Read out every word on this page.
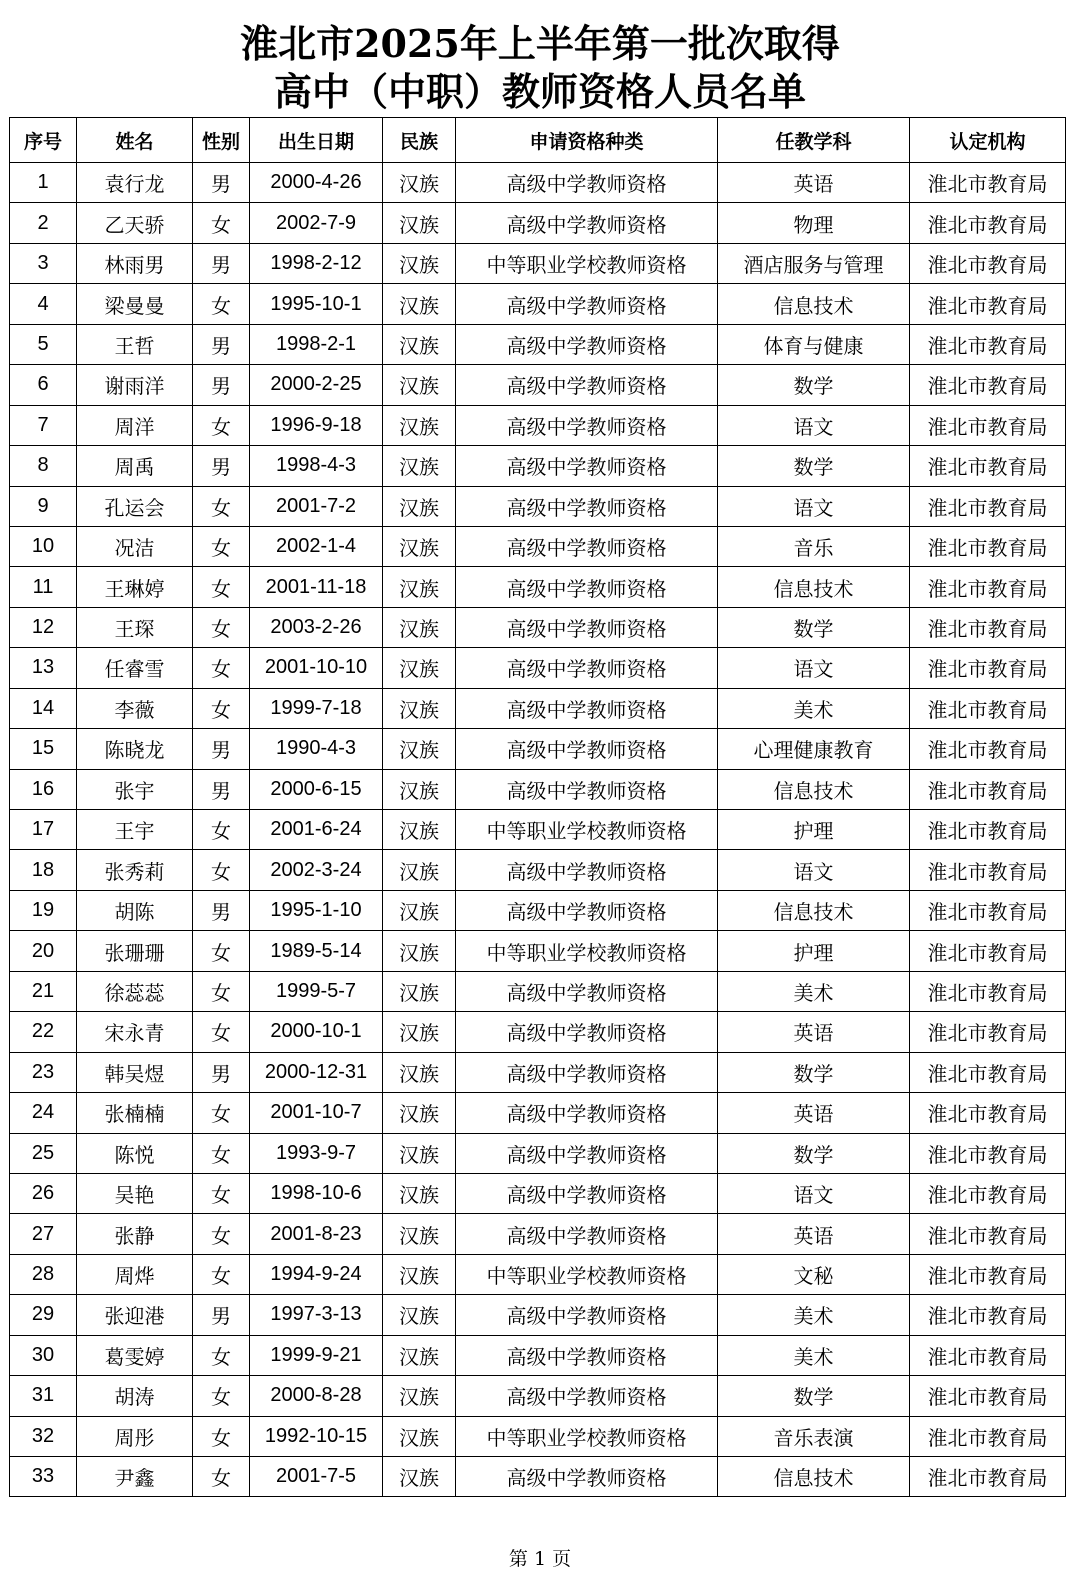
淮北市2025年上半年第一批次取得
高中（中职）教师资格人员名单
序号	姓名	性别	出生日期	民族	申请资格种类	任教学科	认定机构
1	袁行龙	男	2000-4-26	汉族	高级中学教师资格	英语	淮北市教育局
2	乙天骄	女	2002-7-9	汉族	高级中学教师资格	物理	淮北市教育局
3	林雨男	男	1998-2-12	汉族	中等职业学校教师资格	酒店服务与管理	淮北市教育局
4	梁曼曼	女	1995-10-1	汉族	高级中学教师资格	信息技术	淮北市教育局
5	王哲	男	1998-2-1	汉族	高级中学教师资格	体育与健康	淮北市教育局
6	谢雨洋	男	2000-2-25	汉族	高级中学教师资格	数学	淮北市教育局
7	周洋	女	1996-9-18	汉族	高级中学教师资格	语文	淮北市教育局
8	周禹	男	1998-4-3	汉族	高级中学教师资格	数学	淮北市教育局
9	孔运会	女	2001-7-2	汉族	高级中学教师资格	语文	淮北市教育局
10	况洁	女	2002-1-4	汉族	高级中学教师资格	音乐	淮北市教育局
11	王琳婷	女	2001-11-18	汉族	高级中学教师资格	信息技术	淮北市教育局
12	王琛	女	2003-2-26	汉族	高级中学教师资格	数学	淮北市教育局
13	任睿雪	女	2001-10-10	汉族	高级中学教师资格	语文	淮北市教育局
14	李薇	女	1999-7-18	汉族	高级中学教师资格	美术	淮北市教育局
15	陈晓龙	男	1990-4-3	汉族	高级中学教师资格	心理健康教育	淮北市教育局
16	张宇	男	2000-6-15	汉族	高级中学教师资格	信息技术	淮北市教育局
17	王宇	女	2001-6-24	汉族	中等职业学校教师资格	护理	淮北市教育局
18	张秀莉	女	2002-3-24	汉族	高级中学教师资格	语文	淮北市教育局
19	胡陈	男	1995-1-10	汉族	高级中学教师资格	信息技术	淮北市教育局
20	张珊珊	女	1989-5-14	汉族	中等职业学校教师资格	护理	淮北市教育局
21	徐蕊蕊	女	1999-5-7	汉族	高级中学教师资格	美术	淮北市教育局
22	宋永青	女	2000-10-1	汉族	高级中学教师资格	英语	淮北市教育局
23	韩吴煜	男	2000-12-31	汉族	高级中学教师资格	数学	淮北市教育局
24	张楠楠	女	2001-10-7	汉族	高级中学教师资格	英语	淮北市教育局
25	陈悦	女	1993-9-7	汉族	高级中学教师资格	数学	淮北市教育局
26	吴艳	女	1998-10-6	汉族	高级中学教师资格	语文	淮北市教育局
27	张静	女	2001-8-23	汉族	高级中学教师资格	英语	淮北市教育局
28	周烨	女	1994-9-24	汉族	中等职业学校教师资格	文秘	淮北市教育局
29	张迎港	男	1997-3-13	汉族	高级中学教师资格	美术	淮北市教育局
30	葛雯婷	女	1999-9-21	汉族	高级中学教师资格	美术	淮北市教育局
31	胡涛	女	2000-8-28	汉族	高级中学教师资格	数学	淮北市教育局
32	周彤	女	1992-10-15	汉族	中等职业学校教师资格	音乐表演	淮北市教育局
33	尹鑫	女	2001-7-5	汉族	高级中学教师资格	信息技术	淮北市教育局
第 1 页
